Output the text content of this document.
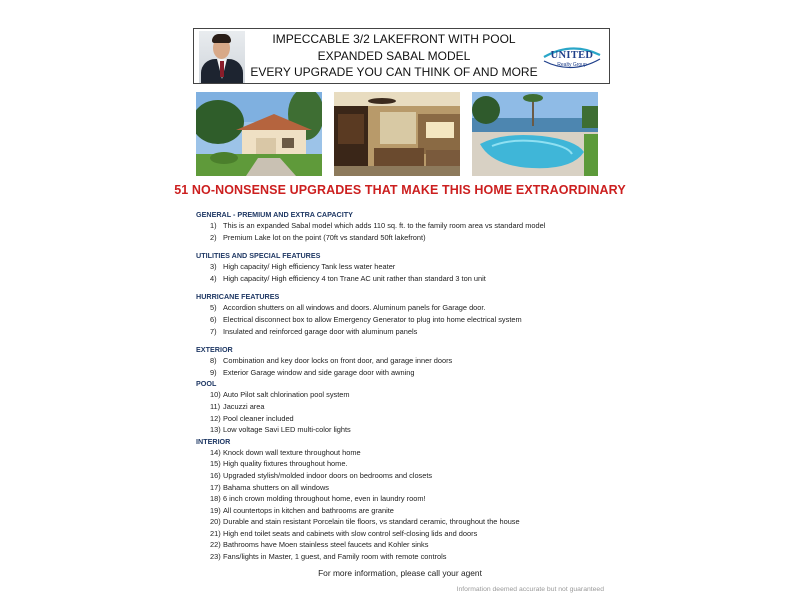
IMPECCABLE 3/2 LAKEFRONT WITH POOL
EXPANDED SABAL MODEL
EVERY UPGRADE YOU CAN THINK OF AND MORE
UNITED
Realty Group
51 NO-NONSENSE UPGRADES THAT MAKE THIS HOME EXTRAORDINARY
GENERAL - PREMIUM AND EXTRA CAPACITY
1) This is an expanded Sabal model which adds 110 sq. ft. to the family room area vs standard model
2) Premium Lake lot on the point (70ft vs standard 50ft lakefront)
UTILITIES AND SPECIAL FEATURES
3) High capacity/ High efficiency Tank less water heater
4) High capacity/ High efficiency 4 ton Trane AC unit rather than standard 3 ton unit
HURRICANE FEATURES
5) Accordion shutters on all windows and doors. Aluminum panels for Garage door.
6) Electrical disconnect box to allow Emergency Generator to plug into home electrical system
7) Insulated and reinforced garage door with aluminum panels
EXTERIOR
8) Combination and key door locks on front door, and garage inner doors
9) Exterior Garage window and side garage door with awning
POOL
10) Auto Pilot salt chlorination pool system
11) Jacuzzi area
12) Pool cleaner included
13) Low voltage Savi LED multi-color lights
INTERIOR
14) Knock down wall texture throughout home
15) High quality fixtures throughout home.
16) Upgraded stylish/molded indoor doors on bedrooms and closets
17) Bahama shutters on all windows
18) 6 inch crown molding throughout home, even in laundry room!
19) All countertops in kitchen and bathrooms are granite
20) Durable and stain resistant Porcelain tile floors, vs standard ceramic, throughout the house
21) High end toilet seats and cabinets with slow control self-closing lids and doors
22) Bathrooms have Moen stainless steel faucets and Kohler sinks
23) Fans/lights in Master, 1 guest, and Family room with remote controls
For more information, please call your agent
Information deemed accurate but not guaranteed
